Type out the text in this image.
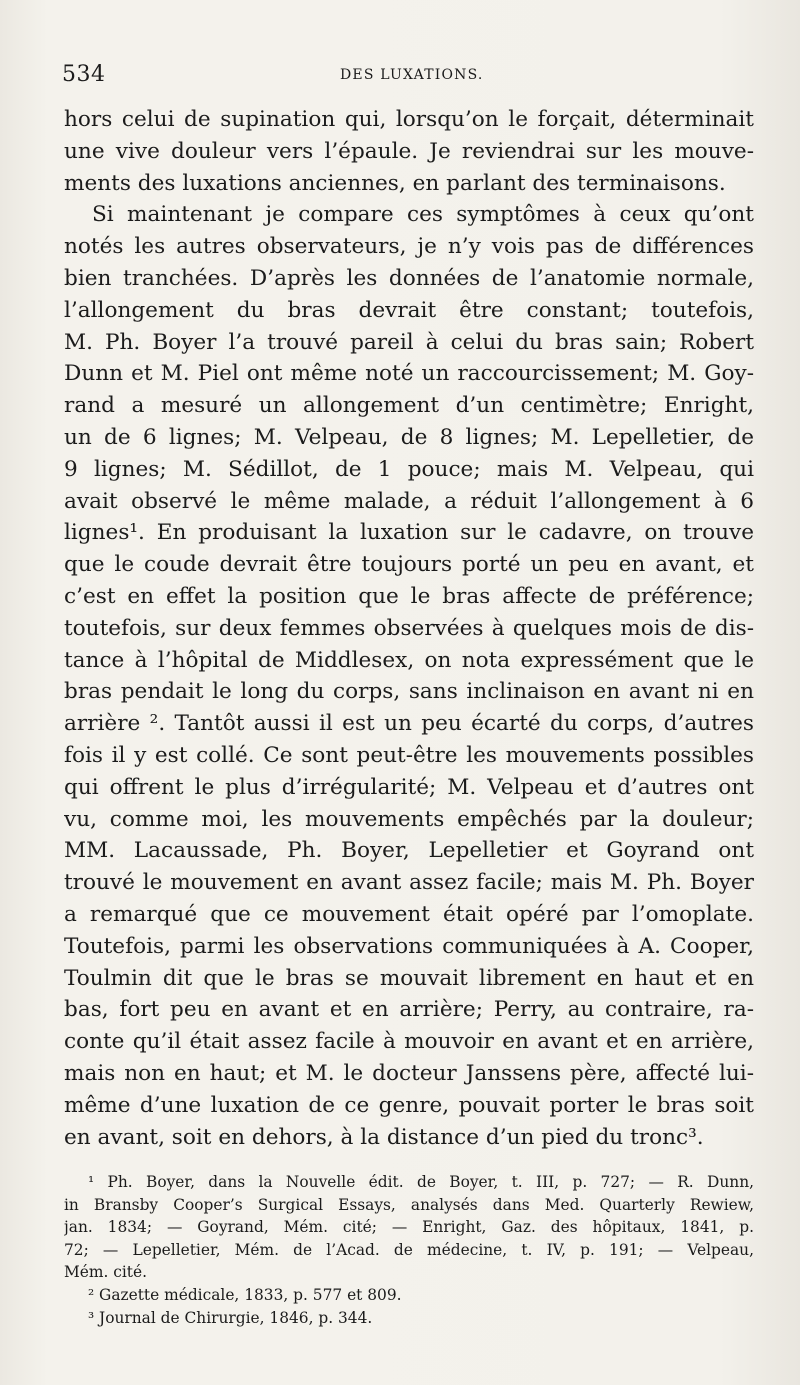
534	DES LUXATIONS.
hors celui de supination qui, lorsqu’on le forçait, déterminait
une vive douleur vers l’épaule. Je reviendrai sur les mouve-
ments des luxations anciennes, en parlant des terminaisons.
Si maintenant je compare ces symptômes à ceux qu’ont
notés les autres observateurs, je n’y vois pas de différences
bien tranchées. D’après les données de l’anatomie normale,
l’allongement du bras devrait être constant; toutefois,
M. Ph. Boyer l’a trouvé pareil à celui du bras sain; Robert
Dunn et M. Piel ont même noté un raccourcissement; M. Goy-
rand a mesuré un allongement d’un centimètre; Enright,
un de 6 lignes; M. Velpeau, de 8 lignes; M. Lepelletier, de
9 lignes; M. Sédillot, de 1 pouce; mais M. Velpeau, qui
avait observé le même malade, a réduit l’allongement à 6
lignes¹. En produisant la luxation sur le cadavre, on trouve
que le coude devrait être toujours porté un peu en avant, et
c’est en effet la position que le bras affecte de préférence;
toutefois, sur deux femmes observées à quelques mois de dis-
tance à l’hôpital de Middlesex, on nota expressément que le
bras pendait le long du corps, sans inclinaison en avant ni en
arrière ². Tantôt aussi il est un peu écarté du corps, d’autres
fois il y est collé. Ce sont peut-être les mouvements possibles
qui offrent le plus d’irrégularité; M. Velpeau et d’autres ont
vu, comme moi, les mouvements empêchés par la douleur;
MM. Lacaussade, Ph. Boyer, Lepelletier et Goyrand ont
trouvé le mouvement en avant assez facile; mais M. Ph. Boyer
a remarqué que ce mouvement était opéré par l’omoplate.
Toutefois, parmi les observations communiquées à A. Cooper,
Toulmin dit que le bras se mouvait librement en haut et en
bas, fort peu en avant et en arrière; Perry, au contraire, ra-
conte qu’il était assez facile à mouvoir en avant et en arrière,
mais non en haut; et M. le docteur Janssens père, affecté lui-
même d’une luxation de ce genre, pouvait porter le bras soit
en avant, soit en dehors, à la distance d’un pied du tronc³.
¹ Ph. Boyer, dans la Nouvelle édit. de Boyer, t. III, p. 727; — R. Dunn,
in Bransby Cooper’s Surgical Essays, analysés dans Med. Quarterly Rewiew,
jan. 1834; — Goyrand, Mém. cité; — Enright, Gaz. des hôpitaux, 1841, p.
72; — Lepelletier, Mém. de l’Acad. de médecine, t. IV, p. 191; — Velpeau,
Mém. cité.
² Gazette médicale, 1833, p. 577 et 809.
³ Journal de Chirurgie, 1846, p. 344.
